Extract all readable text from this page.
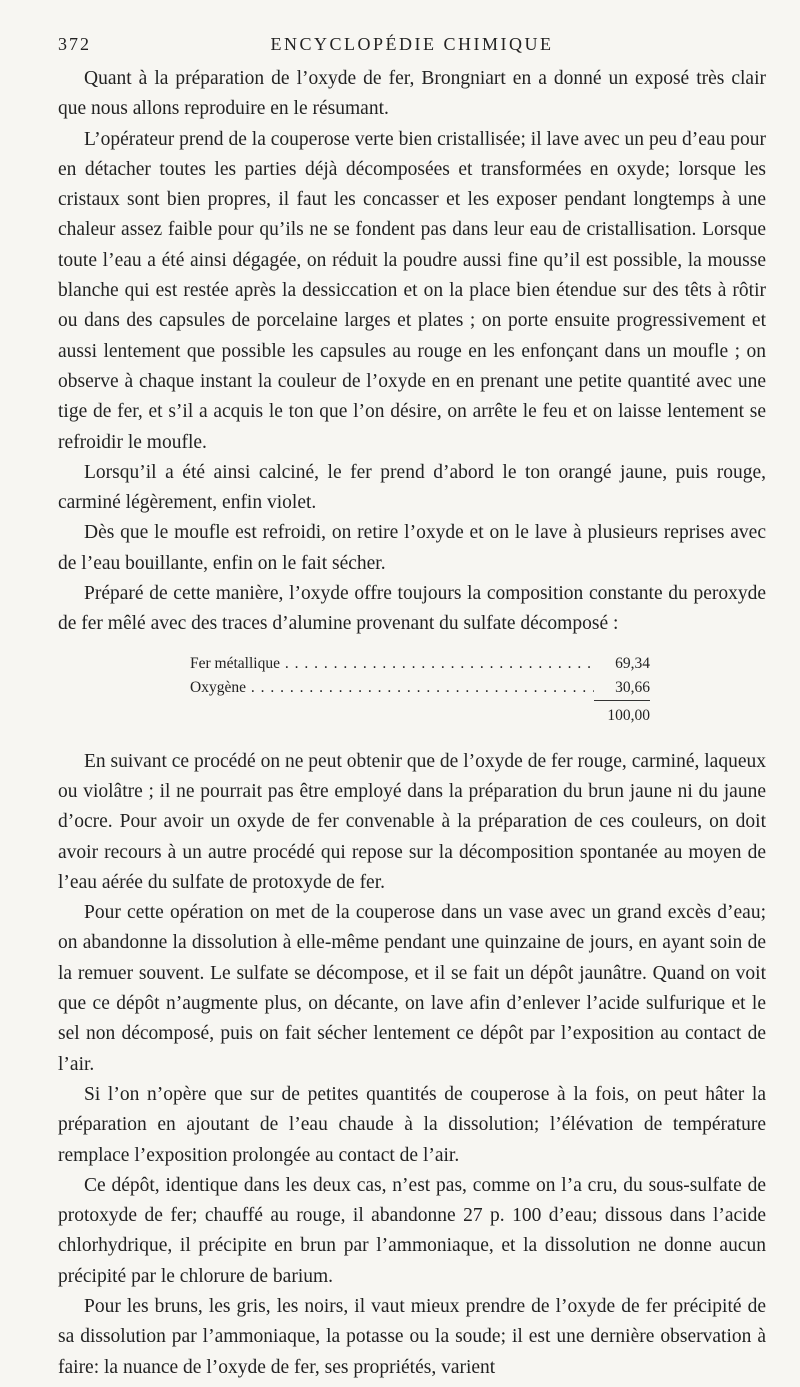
372	ENCYCLOPÉDIE CHIMIQUE

Quant à la préparation de l’oxyde de fer, Brongniart en a donné un exposé très clair que nous allons reproduire en le résumant.

L’opérateur prend de la couperose verte bien cristallisée; il lave avec un peu d’eau pour en détacher toutes les parties déjà décomposées et transformées en oxyde; lorsque les cristaux sont bien propres, il faut les concasser et les exposer pendant longtemps à une chaleur assez faible pour qu’ils ne se fondent pas dans leur eau de cristallisation. Lorsque toute l’eau a été ainsi dégagée, on réduit la poudre aussi fine qu’il est possible, la mousse blanche qui est restée après la dessiccation et on la place bien étendue sur des têts à rôtir ou dans des capsules de porcelaine larges et plates ; on porte ensuite progressivement et aussi lentement que possible les capsules au rouge en les enfonçant dans un moufle ; on observe à chaque instant la couleur de l’oxyde en en prenant une petite quantité avec une tige de fer, et s’il a acquis le ton que l’on désire, on arrête le feu et on laisse lentement se refroidir le moufle.

Lorsqu’il a été ainsi calciné, le fer prend d’abord le ton orangé jaune, puis rouge, carminé légèrement, enfin violet.

Dès que le moufle est refroidi, on retire l’oxyde et on le lave à plusieurs reprises avec de l’eau bouillante, enfin on le fait sécher.

Préparé de cette manière, l’oxyde offre toujours la composition constante du peroxyde de fer mêlé avec des traces d’alumine provenant du sulfate décomposé :

Fer métallique . . .	69,34
Oxygène . . .	30,66
100,00

En suivant ce procédé on ne peut obtenir que de l’oxyde de fer rouge, carminé, laqueux ou violâtre ; il ne pourrait pas être employé dans la préparation du brun jaune ni du jaune d’ocre. Pour avoir un oxyde de fer convenable à la préparation de ces couleurs, on doit avoir recours à un autre procédé qui repose sur la décomposition spontanée au moyen de l’eau aérée du sulfate de protoxyde de fer.

Pour cette opération on met de la couperose dans un vase avec un grand excès d’eau; on abandonne la dissolution à elle-même pendant une quinzaine de jours, en ayant soin de la remuer souvent. Le sulfate se décompose, et il se fait un dépôt jaunâtre. Quand on voit que ce dépôt n’augmente plus, on décante, on lave afin d’enlever l’acide sulfurique et le sel non décomposé, puis on fait sécher lentement ce dépôt par l’exposition au contact de l’air.

Si l’on n’opère que sur de petites quantités de couperose à la fois, on peut hâter la préparation en ajoutant de l’eau chaude à la dissolution; l’élévation de température remplace l’exposition prolongée au contact de l’air.

Ce dépôt, identique dans les deux cas, n’est pas, comme on l’a cru, du sous-sulfate de protoxyde de fer; chauffé au rouge, il abandonne 27 p. 100 d’eau; dissous dans l’acide chlorhydrique, il précipite en brun par l’ammoniaque, et la dissolution ne donne aucun précipité par le chlorure de barium.

Pour les bruns, les gris, les noirs, il vaut mieux prendre de l’oxyde de fer précipité de sa dissolution par l’ammoniaque, la potasse ou la soude; il est une dernière observation à faire: la nuance de l’oxyde de fer, ses propriétés, varient
